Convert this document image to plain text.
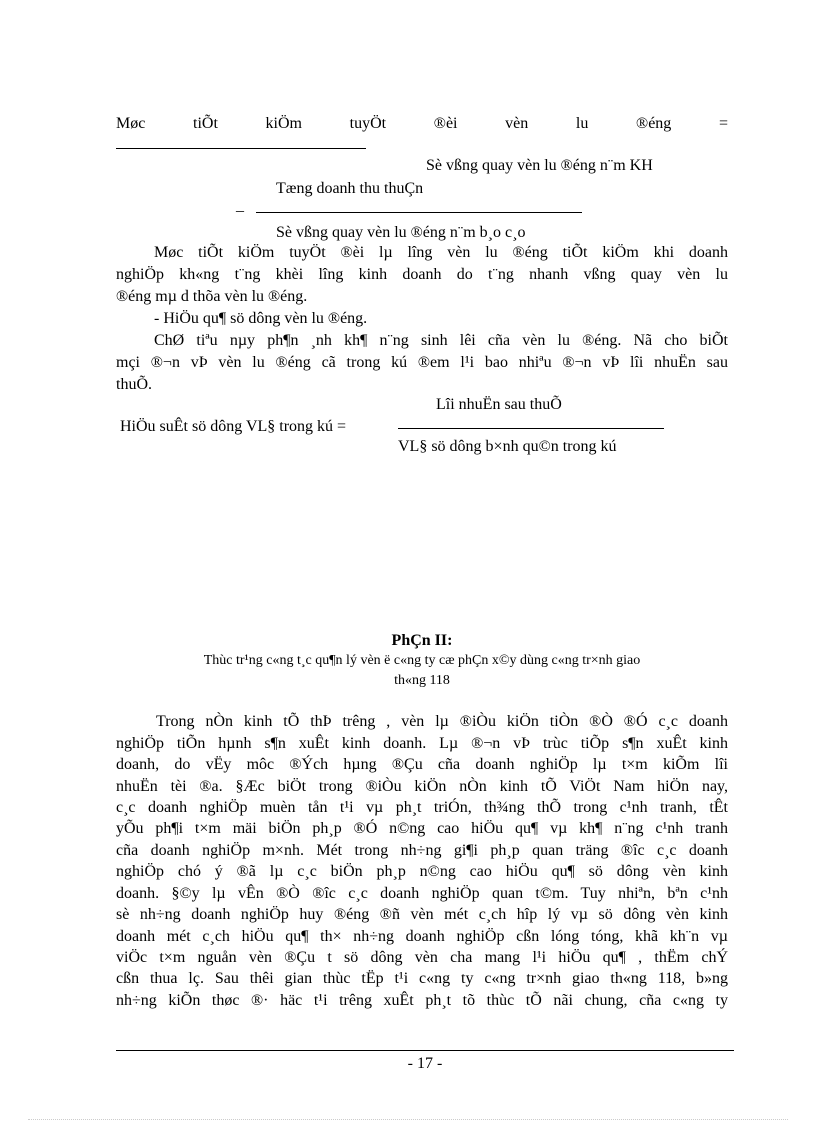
Møc tiÕt kiÖm tuyÖt ®èi vèn lu ®éng =
Sè vßng quay vèn lu ®éng n¨m KH
Tæng doanh thu thuÇn
_
Sè vßng quay vèn lu ®éng n¨m b¸o c¸o
Møc tiÕt kiÖm tuyÖt ®èi lµ lîng vèn lu ®éng tiÕt kiÖm khi doanh
nghiÖp kh«ng t¨ng khèi lîng kinh doanh do t¨ng nhanh vßng quay vèn lu
®éng mµ d thõa vèn lu ®éng.
- HiÖu qu¶ sö dông vèn lu ®éng.
ChØ tiªu nµy ph¶n ¸nh kh¶ n¨ng sinh lêi cña vèn lu ®éng. Nã cho biÕt
mçi ®¬n vÞ vèn lu ®éng cã trong kú ®em l¹i bao nhiªu ®¬n vÞ lîi nhuËn sau
thuÕ.
Lîi nhuËn sau thuÕ
HiÖu suÊt sö dông VL§ trong kú =
VL§ sö dông b×nh qu©n trong kú
PhÇn II:
Thùc tr¹ng c«ng t¸c qu¶n lý vèn ë c«ng ty cæ phÇn x©y dùng c«ng tr×nh giao
th«ng 118
Trong nÒn kinh tÕ thÞ trêng , vèn lµ ®iÒu kiÖn tiÒn ®Ò ®Ó c¸c doanh
nghiÖp tiÕn hµnh s¶n xuÊt kinh doanh. Lµ ®¬n vÞ trùc tiÕp s¶n xuÊt kinh
doanh, do vËy môc ®Ých hµng ®Çu cña doanh nghiÖp lµ t×m kiÕm lîi
nhuËn tèi ®a. §Æc biÖt trong ®iÒu kiÖn nÒn kinh tÕ ViÖt Nam hiÖn nay,
c¸c doanh nghiÖp muèn tån t¹i vµ ph¸t triÓn, th¾ng thÕ trong c¹nh tranh, tÊt
yÕu ph¶i t×m mäi biÖn ph¸p ®Ó n©ng cao hiÖu qu¶ vµ kh¶ n¨ng c¹nh tranh
cña doanh nghiÖp m×nh. Mét trong nh÷ng gi¶i ph¸p quan träng ®îc c¸c doanh
nghiÖp chó ý ®ã lµ c¸c biÖn ph¸p n©ng cao hiÖu qu¶ sö dông vèn kinh
doanh. §©y lµ vÊn ®Ò ®îc c¸c doanh nghiÖp quan t©m. Tuy nhiªn, bªn c¹nh
sè nh÷ng doanh nghiÖp huy ®éng ®ñ vèn mét c¸ch hîp lý vµ sö dông vèn kinh
doanh mét c¸ch hiÖu qu¶ th× nh÷ng doanh nghiÖp cßn lóng tóng, khã kh¨n vµ
viÖc t×m nguån vèn ®Çu t sö dông vèn cha mang l¹i hiÖu qu¶ , thËm chÝ
cßn thua lç. Sau thêi gian thùc tËp t¹i c«ng ty c«ng tr×nh giao th«ng 118, b»ng
nh÷ng kiÕn thøc ®· häc t¹i trêng xuÊt ph¸t tõ thùc tÕ nãi chung, cña c«ng ty
- 17 -
